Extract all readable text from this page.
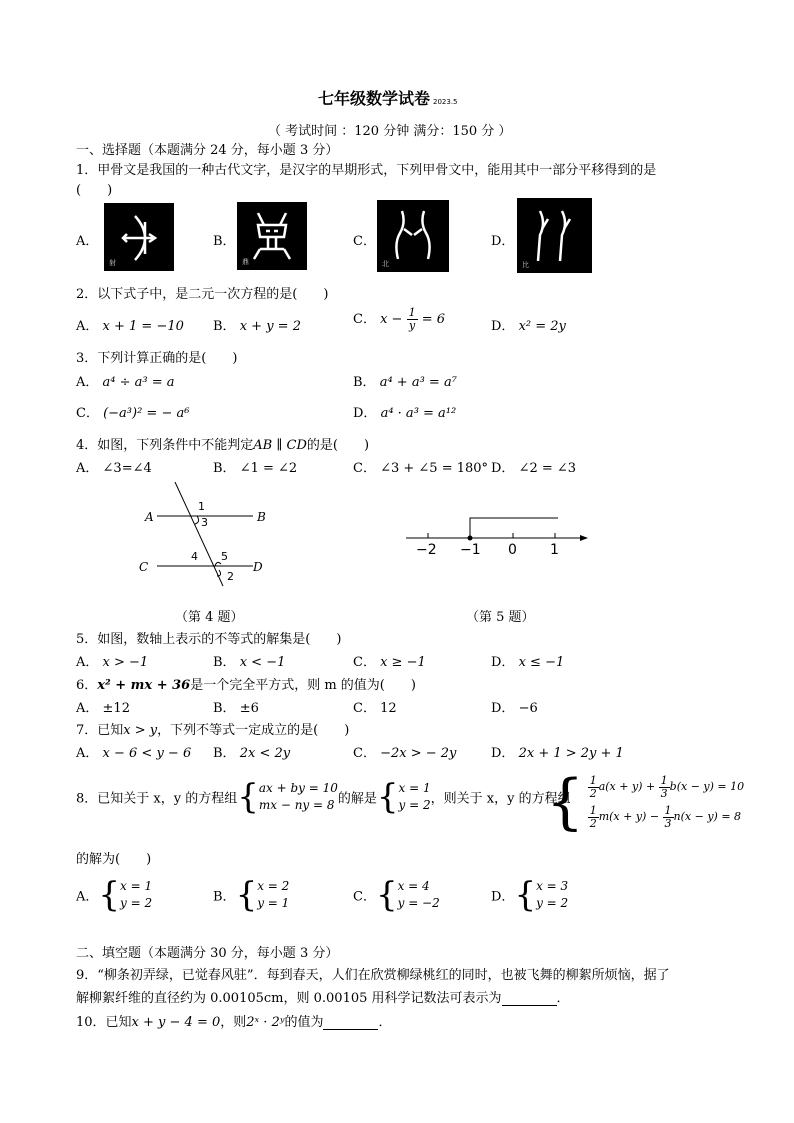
七年级数学试卷 2023.5
（ 考试时间 ：120 分钟 满分：150 分 ）
一、选择题（本题满分 24 分，每小题 3 分）
1．甲骨文是我国的一种古代文字，是汉字的早期形式，下列甲骨文中，能用其中一部分平移得到的是
(　　)
A．
射
B．
鼎
C．
北
D．
比
2．以下式子中，是二元一次方程的是(　　)
A． x + 1 = −10 B． x + y = 2	C． $x - \frac{1}{y} = 6$	D． x² = 2y
3．下列计算正确的是(　　)
A． a⁴ ÷ a³ = a	B． a⁴ + a³ = a⁷
C． (−a³)² = − a⁶	D． a⁴ · a³ = a¹²
4．如图，下列条件中不能判定AB ∥ CD的是(　　)
A． ∠3=∠4	B． ∠1 = ∠2	C． ∠3 + ∠5 = 180° D． ∠2 = ∠3
A	B
C	D
1
3
4 5
2
（第 4 题）
−2 −1 0 1
（第 5 题）
5．如图，数轴上表示的不等式的解集是(　　)
A． x > −1	B． x < −1	C． x ≥ −1	D． x ≤ −1
6．x² + mx + 36是一个完全平方式，则 m 的值为(　　)
A． ±12	B． ±6	C． 12	D． −6
7．已知x > y，下列不等式一定成立的是(　　)
A． x − 6 < y − 6 B． 2x < 2y	C． −2x > − 2y	D． 2x + 1 > 2y + 1
8．已知关于 x，y 的方程组{ ax + by = 10
mx − ny = 8 的解是{ x = 1
y = 2 ，则关于 x，y 的方程组
{ $\frac{1}{2} a(x + y) + \frac{1}{3} b(x - y) = 10$
$\frac{1}{2} m(x + y) - \frac{1}{3} n(x - y) = 8$
的解为(　　)
A．{ x = 1
y = 2	B．{ x = 2
y = 1	C．{ x = 4
y = −2	D．{ x = 3
y = 2
二、填空题（本题满分 30 分，每小题 3 分）
9．“柳条初弄绿，已觉春风驻”．每到春天，人们在欣赏柳绿桃红的同时，也被飞舞的柳絮所烦恼，据了
解柳絮纤维的直径约为 0.00105cm，则 0.00105 用科学记数法可表示为	．
10．已知x + y − 4 = 0，则2ˣ · 2ʸ的值为	．
